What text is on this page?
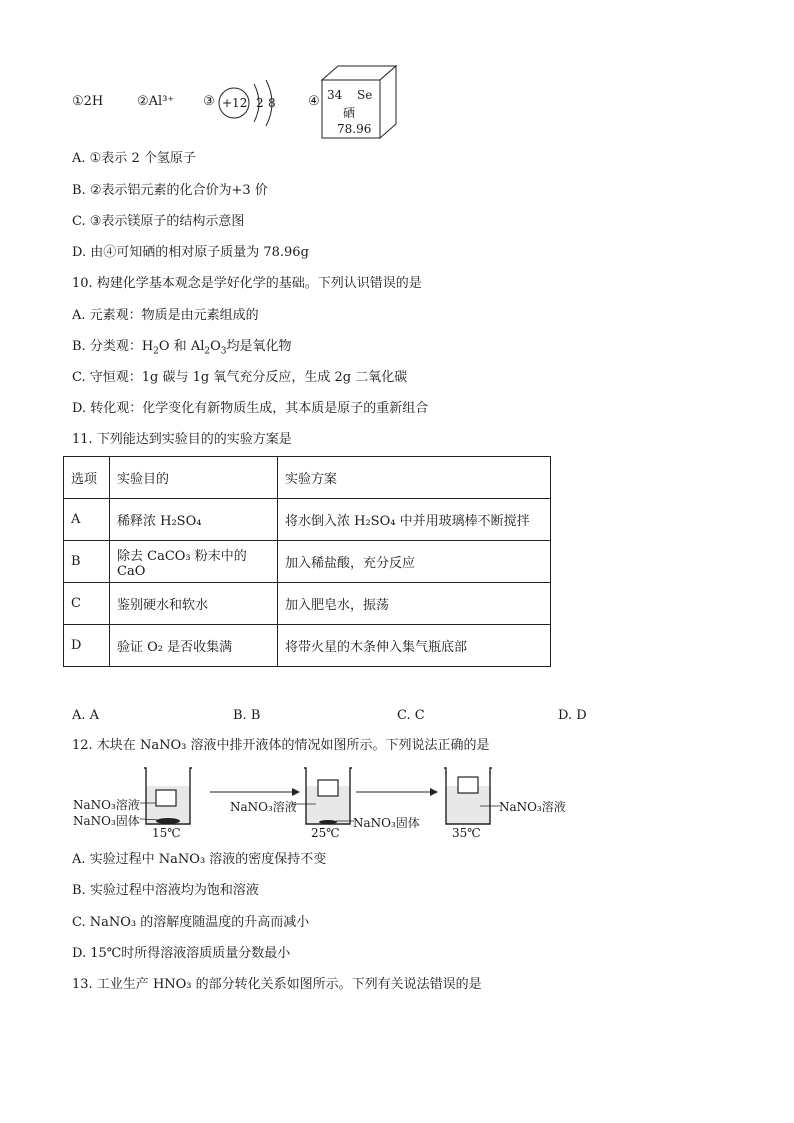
①2H	②Al³⁺ ③ +12 2 8 ④ 34 Se
硒
78.96
A. ①表示 2 个氢原子
B. ②表示铝元素的化合价为+3 价
C. ③表示镁原子的结构示意图
D. 由④可知硒的相对原子质量为 78.96g
10. 构建化学基本观念是学好化学的基础。下列认识错误的是
A. 元素观：物质是由元素组成的
B. 分类观：$H_2O$ 和 $Al_2O_3$均是氧化物
C. 守恒观：1g 碳与 1g 氧气充分反应，生成 2g 二氧化碳
D. 转化观：化学变化有新物质生成，其本质是原子的重新组合
11. 下列能达到实验目的的实验方案是
选项	实验目的	实验方案
A	稀释浓 H₂SO₄	将水倒入浓 H₂SO₄ 中并用玻璃棒不断搅拌
B	除去 CaCO₃ 粉末中的 CaO	加入稀盐酸，充分反应
C	鉴别硬水和软水	加入肥皂水，振荡
D	验证 O₂ 是否收集满	将带火星的木条伸入集气瓶底部
A. A	B. B	C. C	D. D
12. 木块在 NaNO₃ 溶液中排开液体的情况如图所示。下列说法正确的是
NaNO₃溶液
NaNO₃固体
15℃
NaNO₃溶液
NaNO₃固体
25℃
NaNO₃溶液
35℃
A. 实验过程中 NaNO₃ 溶液的密度保持不变
B. 实验过程中溶液均为饱和溶液
C. NaNO₃ 的溶解度随温度的升高而减小
D. 15℃时所得溶液溶质质量分数最小
13. 工业生产 HNO₃ 的部分转化关系如图所示。下列有关说法错误的是
